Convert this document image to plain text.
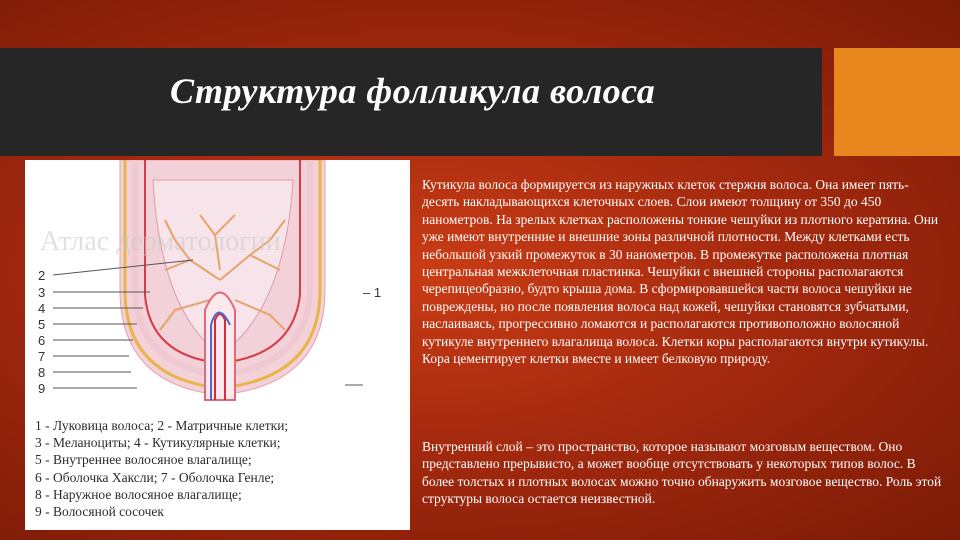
Структура фолликула волоса
Атлас дерматологии
2
3
4
5
6
7
8
9
– 1
1 - Луковица волоса; 2 - Матричные клетки;
3 - Меланоциты; 4 - Кутикулярные клетки;
5 - Внутреннее волосяное влагалище;
6 - Оболочка Хаксли; 7 - Оболочка Генле;
8 - Наружное волосяное влагалище;
9 - Волосяной сосочек
Кутикула волоса формируется из наружных клеток стержня волоса. Она имеет пять-десять накладывающихся клеточных слоев. Слои имеют толщину от 350 до 450 нанометров. На зрелых клетках расположены тонкие чешуйки из плотного кератина. Они уже имеют внутренние и внешние зоны различной плотности. Между клетками есть небольшой узкий промежуток в 30 нанометров. В промежутке расположена плотная центральная межклеточная пластинка. Чешуйки с внешней стороны располагаются черепицеобразно, будто крыша дома. В сформировавшейся части волоса чешуйки не повреждены, но после появления волоса над кожей, чешуйки становятся зубчатыми, наслаиваясь, прогрессивно ломаются и располагаются противоположно волосяной кутикуле внутреннего влагалища волоса. Клетки коры располагаются внутри кутикулы. Кора цементирует клетки вместе и имеет белковую природу.
Внутренний слой – это пространство, которое называют мозговым веществом. Оно представлено прерывисто, а может вообще отсутствовать у некоторых типов волос. В более толстых и плотных волосах можно точно обнаружить мозговое вещество. Роль этой структуры волоса остается неизвестной.
